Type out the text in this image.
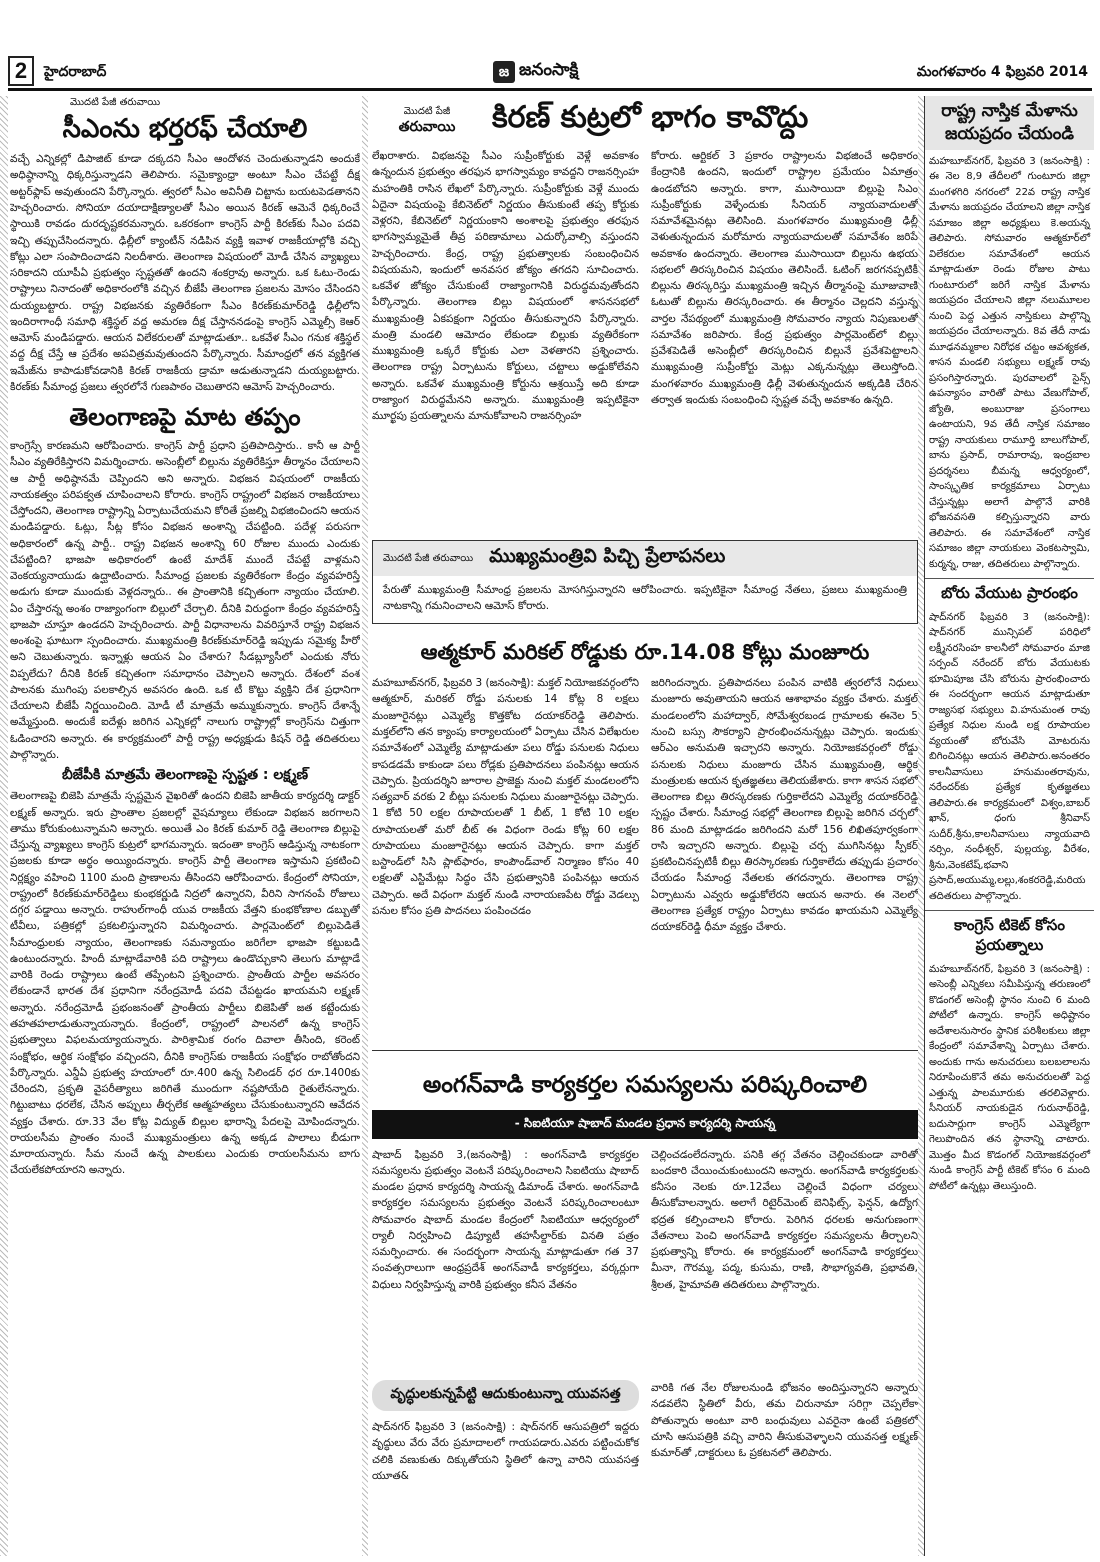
2	హైదరాబాద్	జ జనంసాక్షి	మంగళవారం 4 ఫిబ్రవరి 2014
మొదటి పేజీ తరువాయి
సీఎంను భర్తరఫ్ చేయాలి

వచ్చే ఎన్నికల్లో డిపాజిట్ కూడా దక్కదని సీఎం ఆందోళన చెందుతున్నాడని అందుకే అధిష్ఠానాన్ని ధిక్కరిస్తున్నాడని తెలిపారు. సమైక్యాంధ్రా అంటూ సీఎం చేపట్టే దీక్ష అట్టర్‌ఫ్లాప్ అవుతుందని పేర్కొన్నారు. త్వరలో సీఎం అవినీతి చిట్టాను బయటపెడతానని హెచ్చరించారు. సోనియా దయాదాక్షిణ్యాలతో సీఎం అయిన కిరణ్ ఆమెనే ధిక్కరించే స్థాయికి రావడం దురదృష్టకరమన్నారు. ఒకరకంగా కాంగ్రెస్ పార్టీ కిరణ్‌కు సీఎం పదవి ఇచ్చి తప్పుచేసిందన్నారు. ఢిల్లీలో క్యాంటీన్ నడిపిన వ్యక్తి ఇవాళ రాజకీయాల్లోకి వచ్చి కోట్లు ఎలా సంపాదించాడని నిలదీశారు. తెలంగాణ విషయంలో మోడీ చేసిన వ్యాఖ్యలు సరికాదని యూపీఏ ప్రభుత్వం స్పష్టతతో ఉందని శంకర్రావు అన్నారు. ఒక ఓటు-రెండు రాష్ట్రాలు నినాదంతో అధికారంలోకి వచ్చిన బీజేపీ తెలంగాణ ప్రజలను మోసం చేసిందని దుయ్యబట్టారు. రాష్ట్ర విభజనకు వ్యతిరేకంగా సీఎం కిరణ్‌కుమార్‌రెడ్డి ఢిల్లీలోని ఇందిరాగాంధీ సమాధి శక్తిస్థల్ వద్ద అమరణ దీక్ష చేస్తాననడంపై కాంగ్రెస్ ఎమ్మెల్సీ కెఆర్ ఆమోస్ మండిపడ్డారు. ఆయన విలేకరులతో మాట్లాడుతూ.. ఒకవేళ సీఎం గనుక శక్తిస్థల్ వద్ద దీక్ష చేస్తే ఆ ప్రదేశం అపవిత్రమవుతుందని పేర్కొన్నారు. సీమాంధ్రలో తన వ్యక్తిగత ఇమేజ్‌ను కాపాడుకోవడానికి కిరణ్ రాజకీయ డ్రామా ఆడుతున్నాడని దుయ్యబట్టారు. కిరణ్‌కు సీమాంధ్ర ప్రజలు త్వరలోనే గుణపాఠం చెబుతారని ఆమోస్ హెచ్చరించారు.

తెలంగాణపై మాట తప్పం

కాంగ్రెస్సే కారణమని ఆరోపించారు. కాంగ్రెస్ పార్టీ ప్రధాని ప్రతిపాదిస్తారు.. కానీ ఆ పార్టీ సీఎం వ్యతిరేకిస్తారని విమర్శించారు. అసెంబ్లీలో బిల్లును వ్యతిరేకిస్తూ తీర్మానం చేయాలని ఆ పార్టీ అధిష్ఠానమే చెప్పిందని అని అన్నారు. విభజన విషయంలో రాజకీయ నాయకత్వం పరిపక్వత చూపించాలని కోరారు. కాంగ్రెస్ రాష్ట్రంలో విభజన రాజకీయాలు చేస్తోందని, తెలంగాణ రాష్ట్రాన్ని ఏర్పాటుచేయమని కోరితే ప్రజల్ని విభజించిందని ఆయన మండిపడ్డారు. ఓట్లు, సీట్ల కోసం విభజన అంశాన్ని చేపట్టింది. పదేళ్ల పరుసగా అధికారంలో ఉన్న పార్టీ.. రాష్ట్ర విభజన అంశాన్ని 60 రోజుల ముందు ఎందుకు చేపట్టింది? భాజపా అధికారంలో ఉంటే మాదేశ్ ముందే చేపట్టే వాళ్లమని వెంకయ్యనాయుడు ఉద్ఘాటించారు. సీమాంధ్ర ప్రజలకు వ్యతిరేకంగా కేంద్రం వ్యవహరిస్తే అడుగు కూడా ముందుకు వెళ్లదన్నారు.. ఈ ప్రాంతానికి కచ్చితంగా న్యాయం చేయాలి. ఏం చేస్తారన్న అంశం రాజ్యాంగంగా బిల్లులో చేర్చాలి. దీనికి విరుద్ధంగా కేంద్రం వ్యవహరిస్తే భాజపా చూస్తూ ఉండదని హెచ్చరించారు. పార్టీ విధానాలను వివరిస్తూనే రాష్ట్ర విభజన అంశంపై ఘాటుగా స్పందించారు. ముఖ్యమంత్రి కిరణ్‌కుమార్‌రెడ్డి ఇప్పుడు సమైక్య హీరో అని చెబుతున్నారు. ఇన్నాళ్లు ఆయన ఏం చేశారు? సీడబ్ల్యూసీలో ఎందుకు నోరు విప్పలేదు? దీనికి కిరణ్ కచ్చితంగా సమాధానం చెప్పాలని అన్నారు. దేశంలో వంశ పాలనకు ముగింపు పలకాల్సిన అవసరం ఉంది. ఒక టీ కొట్టు వ్యక్తిని దేశ ప్రధానిగా చేయాలని బీజేపీ నిర్ణయించింది. మోడీ టీ మాత్రమే అమ్ముకున్నారు. కాంగ్రెస్ దేశాన్నే అమ్మేస్తుంది. అందుకే ఐదేళ్లు జరిగిన ఎన్నికల్లో నాలుగు రాష్ట్రాల్లో కాంగ్రెస్‌ను చిత్తుగా ఓడించారని అన్నారు. ఈ కార్యక్రమంలో పార్టీ రాష్ట్ర అధ్యక్షుడు కిషన్ రెడ్డి తదితరులు పాల్గొన్నారు.

బీజేపీకి మాత్రమే తెలంగాణపై స్పష్టత : లక్ష్మణ్

తెలంగాణపై బిజెపి మాత్రమే స్పష్టమైన వైఖరితో ఉందని బిజెపి జాతీయ కార్యదర్శి డాక్టర్ లక్ష్మణ్ అన్నారు. ఇరు ప్రాంతాల ప్రజలల్లో వైషమ్యాలు లేకుండా విభజన జరగాలని తాము కోరుకుంటున్నామని అన్నారు. అయితే ఎం కిరణ్ కుమార్ రెడ్డి తెలంగాణ బిల్లుపై చేస్తున్న వ్యాఖ్యలు కాంగ్రెస్ కుట్రలో భాగమన్నారు. ఇదంతా కాంగ్రెస్ ఆడిస్తున్న నాటకంగా ప్రజలకు కూడా అర్థం అయ్యిందన్నారు. కాంగ్రెస్ పార్టీ తెలంగాణ ఇస్తామని ప్రకటించి నిర్లక్ష్యం వహించి 1100 మంది ప్రాణాలను తీసిందని ఆరోపించారు. కేంద్రంలో సోనియా, రాష్ట్రంలో కిరణ్‌కుమార్‌రెడ్డిలు కుంభకర్ణుడి నిద్రలో ఉన్నారని, వీరిని సాగనంపే రోజులు దగ్గర పడ్డాయి అన్నారు. రాహుల్‌గాంధీ యువ రాజకీయ వేత్తని కుంభకోణాల డబ్బుతో టీవీలు, పత్రికల్లో ప్రకటలిస్తున్నారని విమర్శించారు. పార్లమెంట్‌లో బిల్లుపెడితే సీమాంధ్రులకు న్యాయం, తెలంగాణకు సమన్యాయం జరిగేలా భాజపా కట్టుబడి ఉంటుందన్నారు. హిందీ మాట్లాడేవారికి పది రాష్ట్రాలు ఉండొచ్చుకాని తెలుగు మాట్లాడే వారికి రెండు రాష్ట్రాలు ఉంటే తప్పేంటని ప్రశ్నించారు. ప్రాంతీయ పార్టీల అవసరం లేకుండానే భారత దేశ ప్రధానిగా నరేంద్రమోడీ పదవి చేపట్టడం ఖాయమని లక్ష్మణ్ అన్నారు. నరేంద్రమోడీ ప్రభంజనంతో ప్రాంతీయ పార్టీలు బిజెపితో జత కట్టేందుకు తహతహలాడుతున్నాయన్నారు. కేంద్రంలో, రాష్ట్రంలో పాలనలో ఉన్న కాంగ్రెస్ ప్రభుత్వాలు విఫలమయ్యాయన్నారు. పారిశ్రామిక రంగం దివాలా తీసింది, కరెంట్ సంక్షోభం, ఆర్థిక సంక్షోభం వచ్చిందని, దీనికి కాంగ్రెస్‌కు రాజకీయ సంక్షోభం రాబోతోందని పేర్కొన్నారు. ఎన్డీఏ ప్రభుత్వ హయాంలో రూ.400 ఉన్న సిలిండర్ ధర రూ.1400కు చేరిందని, ప్రకృతి వైపరీత్యాలు జరిగితే ముందుగా నష్టపోయేది రైతులేనన్నారు. గిట్టుబాటు ధరలేక, చేసిన అప్పులు తీర్చలేక ఆత్మహత్యలు చేసుకుంటున్నారని ఆవేదన వ్యక్తం చేశారు. రూ.33 వేల కోట్ల విద్యుత్ బిల్లుల భారాన్ని పేదలపై మోపిందన్నారు. రాయలసీమ ప్రాంతం నుంచే ముఖ్యమంత్రులు ఉన్న అక్కడ పాలాలు బీడుగా మారాయన్నారు. సీమ నుంచే ఉన్న పాలకులు ఎందుకు రాయలసీమను బాగు చేయలేకపోయారని అన్నారు.

మొదటి పేజీ
తరువాయి	కిరణ్ కుట్రలో భాగం కావొద్దు
లేఖరాశారు. విభజనపై సీఎం సుప్రీంకోర్టుకు వెళ్లే అవకాశం ఉన్నందున ప్రభుత్వం తరఫున భాగస్వామ్యం కావద్దని రాజనర్సింహ మహంతికి రాసిన లేఖలో పేర్కొన్నారు. సుప్రీంకోర్టుకు వెళ్లే ముందు ఏదైనా విషయంపై కేబినెట్‌లో నిర్ణయం తీసుకుంటే తప్ప కోర్టుకు వెళ్లరని, కేబినెట్‌లో నిర్ణయంకాని అంశాలపై ప్రభుత్వం తరఫున భాగస్వామ్యమైతే తీవ్ర పరిణామాలు ఎదుర్కోవాల్సి వస్తుందని హెచ్చరించారు. కేంద్ర, రాష్ట్ర ప్రభుత్వాలకు సంబంధించిన విషయమని, ఇందులో అనవసర జోక్యం తగదని సూచించారు. ఒకవేళ జోక్యం చేసుకుంటే రాజ్యాంగానికి విరుద్ధమవుతోందని పేర్కొన్నారు. తెలంగాణ బిల్లు విషయంలో శాసనసభలో ముఖ్యమంత్రి ఏకపక్షంగా నిర్ణయం తీసుకున్నారని పేర్కొన్నారు. మంత్రి మండలి ఆమోదం లేకుండా బిల్లుకు వ్యతిరేకంగా ముఖ్యమంత్రి ఒక్కరే కోర్టుకు ఎలా వెళతారని ప్రశ్నించారు. తెలంగాణ రాష్ట్ర ఏర్పాటును కోర్టులు, చట్టాలు అడ్డుకోలేవని అన్నారు. ఒకవేళ ముఖ్యమంత్రి కోర్టును ఆశ్రయిస్తే అది కూడా రాజ్యాంగ విరుద్ధమేనని అన్నారు. ముఖ్యమంత్రి ఇప్పటికైనా మూర్ఖపు ప్రయత్నాలను మానుకోవాలని రాజనర్సింహ
కోరారు. ఆర్టికల్ 3 ప్రకారం రాష్ట్రాలను విభజించే అధికారం కేంద్రానికి ఉందని, ఇందులో రాష్ట్రాల ప్రమేయం ఏమాత్రం ఉండబోదని అన్నారు. కాగా, ముసాయిదా బిల్లుపై సిఎం సుప్రీంకోర్టుకు వెళ్ళేందుకు సీనియర్ న్యాయవాదులతో సమావేశమైనట్లు తెలిసింది. మంగళవారం ముఖ్యమంత్రి ఢిల్లీ వెళుతున్నందున మరోమారు న్యాయవాదులతో సమావేశం జరిపే అవకాశం ఉందన్నారు. తెలంగాణ ముసాయిదా బిల్లును ఉభయ సభలలో తిరస్కరించిన విషయం తెలిసిందే. ఓటింగ్ జరగనప్పటికీ బిల్లును తిరస్కరిస్తు ముఖ్యమంత్రి ఇచ్చిన తీర్మానంపై మూజువాణి ఓటుతో బిల్లును తిరస్కరించారు. ఈ తీర్మానం చెల్లదని వస్తున్న వార్తల నేపథ్యంలో ముఖ్యమంత్రి సోమవారం న్యాయ నిపుణులతో సమావేశం జరిపారు. కేంద్ర ప్రభుత్వం పార్లమెంట్‌లో బిల్లు ప్రవేశపెడితే అసెంబ్లీలో తిరస్కరించిన బిల్లునే ప్రవేశపెట్టాలని ముఖ్యమంత్రి సుప్రీంకోర్టు మెట్లు ఎక్కనున్నట్లు తెలుస్తోంది. మంగళవారం ముఖ్యమంత్రి ఢిల్లీ వెళుతున్నందున అక్కడికి చేరిన తర్వాత ఇందుకు సంబంధించి స్పష్టత వచ్చే అవకాశం ఉన్నది.
మొదటి పేజీ తరువాయి ముఖ్యమంత్రివి పిచ్చి ప్రేలాపనలు
పేరుతో ముఖ్యమంత్రి సీమాంధ్ర ప్రజలను మోసగిస్తున్నారని ఆరోపించారు. ఇప్పటికైనా సీమాంధ్ర నేతలు, ప్రజలు ముఖ్యమంత్రి నాటకాన్ని గమనించాలని ఆమోస్ కోరారు.
ఆత్మకూర్ మరికల్ రోడ్డుకు రూ.14.08 కోట్లు మంజూరు
మహబూబ్‌నగర్, ఫిబ్రవరి 3 (జనంసాక్షి): మక్తల్ నియోజకవర్గంలోని ఆత్మకూర్, మరికల్ రోడ్డు పనులకు 14 కోట్ల 8 లక్షలు మంజూరైనట్లు ఎమ్మెల్యే కొత్తకోట దయాకర్‌రెడ్డి తెలిపారు. మక్తల్‌లోని తన క్యాంపు కార్యాలయంలో ఏర్పాటు చేసిన విలేఖరుల సమావేశంలో ఎమ్మెల్యే మాట్లాడుతూ పలు రోడ్డు పనులకు నిధులు కాపడడమే కాకుండా పలు రోడ్లకు ప్రతిపాదనలు పంపినట్లు ఆయన చెప్పారు. ప్రియదర్శిని జూరాల ప్రాజెక్టు నుంచి మక్తల్ మండలంలోని సత్యవార్ వరకు 2 బీట్లు పనులకు నిధులు మంజూరైనట్లు చెప్పారు. 1 కోటి 50 లక్షల రూపాయలతో 1 బీట్, 1 కోటి 10 లక్షల రూపాయలతో మరో బీట్ ఈ విధంగా రెండు కోట్ల 60 లక్షల రూపాయలు మంజూరైనట్లు ఆయన చెప్పారు. కాగా మక్తల్ బస్టాండ్‌లో సిసి ప్లాట్‌ఫారం, కాంపౌండ్‌వాల్ నిర్మాణం కోసం 40 లక్షలతో ఎస్టిమేట్లు సిద్ధం చేసి ప్రభుత్వానికి పంపినట్లు ఆయన చెప్పారు. అదే విధంగా మక్తల్ నుండి నారాయణపేట రోడ్డు వెడల్పు పనుల కోసం ప్రతి పాదనలు పంపించడం
జరిగిందన్నారు. ప్రతిపాదనలు పంపిన వాటికి త్వరలోనే నిధులు మంజూరు అవుతాయని ఆయన ఆశాభావం వ్యక్తం చేశారు. మక్తల్ మండలంలోని మహాద్వార్, సోమేశ్వరబండ గ్రామాలకు ఈనెల 5 నుంచి బస్సు సౌకర్యాని ప్రారంభించనున్నట్లు చెప్పారు. ఇందుకు ఆర్‌ఎం అనుమతి ఇచ్చారని అన్నారు. నియోజకవర్గంలో రోడ్డు పనులకు నిధులు మంజూరు చేసిన ముఖ్యమంత్రి, ఆర్థిక మంత్రులకు ఆయన కృతజ్ఞతలు తెలియజేశారు. కాగా శాసన సభలో తెలంగాణ బిల్లు తిరస్కరణకు గుర్తికాలేదని ఎమ్మెల్యే దయాకర్‌రెడ్డి స్పష్టం చేశారు. సీమాంధ్ర సభల్లో తెలంగాణ బిల్లుపై జరిగిన చర్చలో 86 మంది మాట్లాడడం జరిగిందని మరో 156 లిఖితపూర్వకంగా రాసి ఇచ్చారని అన్నారు. బిల్లుపై చర్చ ముగిసినట్లు స్పీకర్ ప్రకటించినప్పటికీ బిల్లు తిరస్కారణకు గుర్తికాలేదు తప్పుడు ప్రచారం చేయడం సీమాంధ్ర నేతలకు తగదన్నారు. తెలంగాణ రాష్ట్ర ఏర్పాటును ఎవ్వరు అడ్డుకోలేరని ఆయన అనారు. ఈ నెలలో తెలంగాణ ప్రత్యేక రాష్ట్రం ఏర్పాటు కావడం ఖాయమని ఎమ్మెల్యే దయాకర్‌రెడ్డి ధీమా వ్యక్తం చేశారు.
అంగన్‌వాడి కార్యకర్తల సమస్యలను పరిష్కరించాలి
- సిఐటియూ షాబాద్ మండల ప్రధాన కార్యదర్శి సాయన్న
షాబాద్ ఫిబ్రవరి 3,(జనంసాక్షి) : అంగన్‌వాడి కార్యకర్తల సమస్యలను ప్రభుత్వం వెంటనే పరిష్కరించాలని సిఐటియు షాబాద్ మండల ప్రధాన కార్యదర్శి సాయన్న డిమాండ్ చేశారు. అంగన్‌వాడి కార్యకర్తల సమస్యలను ప్రభుత్వం వెంటనే పరిష్కరించాలంటూ సోమవారం షాబాద్ మండల కేంద్రంలో సిఐటియూ ఆధ్వర్యంలో ర్యాలీ నిర్వహించి డిప్యూటీ తహసీల్దార్‌కు వినతి పత్రం సమర్పించారు. ఈ సందర్భంగా సాయన్న మాట్లాడుతూ గత 37 సంవత్సరాలుగా ఆంధ్రప్రదేశ్ అంగన్‌వాడీ కార్యకర్తలు, వర్కర్లుగా విధులు నిర్వహిస్తున్న వారికి ప్రభుత్వం కనీస వేతనం
చెల్లించడంలేదన్నారు. పనికి తగ్గ వేతనం చెల్లించకుండా వారితో బందకారి చేయించుకుంటుందని అన్నారు. అంగన్‌వాడి కార్యకర్తలకు కనీసం నెలకు రూ.12వేలు చెల్లించే విధంగా చర్యలు తీసుకోవాలన్నారు. అలాగే రిటైర్‌మెంట్ బెనిఫిట్స్, ఫెన్షన్, ఉద్యోగ భద్రత కల్పించాలని కోరారు. పెరిగిన ధరలకు అనుగుణంగా వేతనాలు పెంచి అంగన్‌వాడి కార్యకర్తల సమస్యలను తీర్చాలని ప్రభుత్వాన్ని కోరారు. ఈ కార్యక్రమంలో అంగన్‌వాడి కార్యకర్తలు మీనా, గౌరమ్మ, పద్మ, కుసుమ, రాణి, సౌభాగ్యవతి, ప్రభావతి, శ్రీలత, హైమావతి తదితరులు పాల్గొన్నారు.
వృద్ధులకున్నపేట్టి ఆదుకుంటున్నా యువసత్త
షాద్‌నగర్ ఫిబ్రవరి 3 (జనంసాక్షి) : షాద్‌నగర్ ఆసుపత్రిలో ఇద్దరు వృద్ధులు వేరు వేరు ప్రమాదాలలో గాయపడారు.ఎవరు పట్టించుకోక చలికి వణుకుతు దిక్కుతోయని స్థితిలో ఉన్నా వారిని యువసత్త యూత&
వారికి గత నేల రోజులనుండి భోజనం అందిస్తున్నారని అన్నారు నడవలేని స్థితిలో వీరు, తమ చిరునామా సరిగ్గా చెప్పలేకా పోతున్నారు అంటూ వారి బంధువులు ఎవరైనా ఉంటే పత్రికలో చూసి ఆసుపత్రికి వచ్చి వారిని తీసుకువెళ్ళాలని యువసత్త లక్ష్మణ్ కుమార్‌తో ,దాక్టరులు ఓ ప్రకటనలో తెలిపారు.
రాష్ట్ర నాస్తిక మేళాను జయప్రదం చేయండి
మహబూబ్‌నగర్, ఫిబ్రవరి 3 (జనంసాక్షి) : ఈ నెల 8,9 తేదీలలో గుంటూరు జిల్లా మంగళగిరి నగరంలో 22వ రాష్ట్ర నాస్తిక మేళాను జయప్రదం చేయాలని జిల్లా నాస్తిక సమాజం జిల్లా అధ్యక్షులు కె.అయన్న తెలిపారు. సోమవారం ఆత్మకూర్‌లో విలేకరుల సమావేశంలో ఆయన మాట్లాడుతూ రెండు రోజుల పాటు గుంటూరులో జరిగే నాస్తిక మేళాను జయప్రదం చేయాలని జిల్లా నలుమూలల నుంచి పెద్ద ఎత్తున నాస్తికులు పాల్గొన్ని జయప్రదం చేయాలన్నారు. 8వ తేదీ నాడు మూఢనమ్మకాల నిరోధక చట్టం ఆవశ్యకత, శాసన మండలి సభ్యులు లక్ష్మణ్ రావు ప్రసంగిస్తారన్నారు. పురవాలలో సైన్స్ ఉపన్యాసం వారితో పాటు వేణుగోపాల్, జ్యోతి, అంబురాజు ప్రసంగాలు ఉంటాయని, 9వ తేదీ నాస్తిక సమాజం రాష్ట్ర నాయకులు రామూర్తి బాలుగోపాల్, బాను ప్రసాద్, రామారావు, ఇంద్రబాల ప్రదర్శనలు బీమన్న ఆధ్వర్యంలో, సాంస్కృతిక కార్యక్రమాలు ఏర్పాటు చేస్తున్నట్లు అలాగే పాల్గొనే వారికి భోజనవసతి కల్పిస్తున్నారని వారు తెలిపారు. ఈ సమావేశంలో నాస్తిక సమాజం జిల్లా నాయకులు వెంకటస్వామి, కుర్మన్న, రాజు, తదితరులు పాల్గొన్నారు.
బోరు వేయుట ప్రారంభం
షాద్‌నగర్ ఫిబ్రవరి 3 (జనంసాక్షి): షాద్‌నగర్ మున్సిపల్ పరిధిలో లక్ష్మీనరసింహ కాలనీలో సోమవారం మాజి సర్పంచ్ నరేందర్ బోరు వేయుటకు భూమిపూజ చేసి బోరును ప్రారంభించారు ఈ సందర్భంగా ఆయన మాట్లాడుతూ రాజ్యసభ సభ్యులు వి.హనుమంత రావు ప్రత్యేక నిధుల నుండి లక్ష రూపాయల వ్యయంతో బోరువేసి మోటరును బిగించినట్లు ఆయన తెలిపారు.అనంతరం కాలనీవాసులు హనుమంతరావును, నరేందర్‌కు ప్రత్యేక కృతజ్ఞతలు తెలిపారు.ఈ కార్యక్రమంలో విశ్వం,బాబర్ ఖాన్, ధంగు శ్రీనివాస్ సుదీర్,శ్రీను,కాలనీవాసులు న్యాయవాది నర్సిం, నంధీశ్వర్, పుల్లయ్య, వీరేశం, శ్రీను,వెంకటేష్,భవాని ప్రసాద్,అయుమ్మ,లల్లు,శంకరరెడ్డి,మరియ తదితరులు పాల్గొన్నారు.
కాంగ్రెస్ టికెట్ కోసం ప్రయత్నాలు
మహబూబ్‌నగర్, ఫిబ్రవరి 3 (జనంసాక్షి) : అసెంబ్లీ ఎన్నికలు సమీపిస్తున్న తరుణంలో కొడంగల్ అసెంబ్లీ స్థానం నుంచి 6 మంది పోటీలో ఉన్నారు. కాంగ్రెస్ అధిష్టానం అదేశాలనుసారం స్థానిక పరిశీలకులు జిల్లా కేంద్రంలో సమావేశాన్ని ఏర్పాటు చేశారు. అందుకు గాను అనుచరులు బలబలాలను నిరూపించుకొనే తమ అనుచరులతో పెద్ద ఎత్తున్న పాలమూరుకు తరలివెళ్లారు. సీనియర్ నాయకుడైన గురునాథ్‌రెడ్డి, బదుసార్లుగా కాంగ్రెస్ ఎమ్మెల్యేగా గెలుపొందిన తన స్థానాన్ని చాటారు. మొత్తం మీద కొడంగల్ నియోజకవర్గంలో నుండి కాంగ్రెస్ పార్టీ టికెట్ కోసం 6 మంది పోటీలో ఉన్నట్లు తెలుస్తుంది.
